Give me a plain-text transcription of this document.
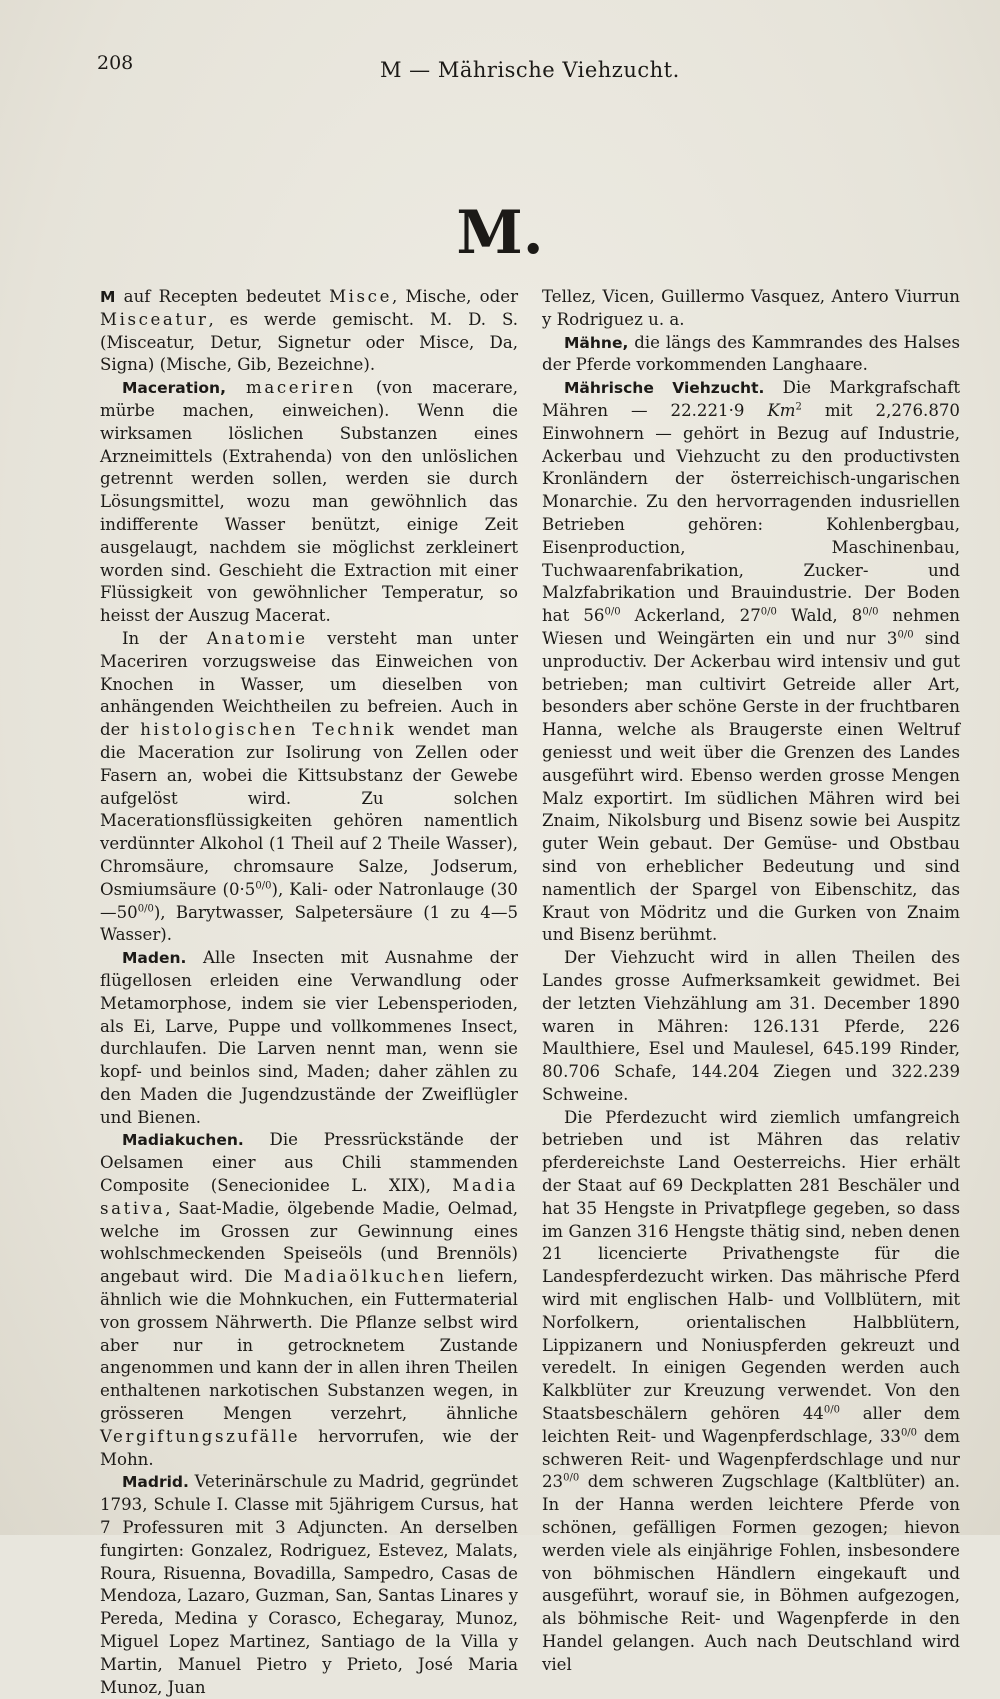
208	M — Mährische Viehzucht.
M.

M auf Recepten bedeutet Misce, Mische, oder Misceatur, es werde gemischt. M. D. S. (Misceatur, Detur, Signetur oder Misce, Da, Signa) (Mische, Gib, Bezeichne).

Maceration, maceriren (von macerare, mürbe machen, einweichen). Wenn die wirksamen löslichen Substanzen eines Arzneimittels (Extrahenda) von den unlöslichen getrennt werden sollen, werden sie durch Lösungsmittel, wozu man gewöhnlich das indifferente Wasser benützt, einige Zeit ausgelaugt, nachdem sie möglichst zerkleinert worden sind. Geschieht die Extraction mit einer Flüssigkeit von gewöhnlicher Temperatur, so heisst der Auszug Macerat.

In der Anatomie versteht man unter Maceriren vorzugsweise das Einweichen von Knochen in Wasser, um dieselben von anhängenden Weichtheilen zu befreien. Auch in der histologischen Technik wendet man die Maceration zur Isolirung von Zellen oder Fasern an, wobei die Kittsubstanz der Gewebe aufgelöst wird. Zu solchen Macerationsflüssigkeiten gehören namentlich verdünnter Alkohol (1 Theil auf 2 Theile Wasser), Chromsäure, chromsaure Salze, Jodserum, Osmiumsäure $(0\cdot 5^{0/0})$, Kali- oder Natronlauge $(30—50^{0/0})$, Barytwasser, Salpetersäure (1 zu 4—5 Wasser).

Maden. Alle Insecten mit Ausnahme der flügellosen erleiden eine Verwandlung oder Metamorphose, indem sie vier Lebensperioden, als Ei, Larve, Puppe und vollkommenes Insect, durchlaufen. Die Larven nennt man, wenn sie kopf- und beinlos sind, Maden; daher zählen zu den Maden die Jugendzustände der Zweiflügler und Bienen.

Madiakuchen. Die Pressrückstände der Oelsamen einer aus Chili stammenden Composite (Senecionideе L. XIX), Madia sativa, Saat-Madie, ölgebende Madie, Oelmad, welche im Grossen zur Gewinnung eines wohlschmeckenden Speiseöls (und Brennöls) angebaut wird. Die Madiaölkuchen liefern, ähnlich wie die Mohnkuchen, ein Futtermaterial von grossem Nährwerth. Die Pflanze selbst wird aber nur in getrocknetem Zustande angenommen und kann der in allen ihren Theilen enthaltenen narkotischen Substanzen wegen, in grösseren Mengen verzehrt, ähnliche Vergiftungszufälle hervorrufen, wie der Mohn.

Madrid. Veterinärschule zu Madrid, gegründet 1793, Schule I. Classe mit 5jährigem Cursus, hat 7 Professuren mit 3 Adjuncten. An derselben fungirten: Gonzalez, Rodriguez, Estevez, Malats, Roura, Risuenna, Bovadilla, Sampedro, Casas de Mendoza, Lazaro, Guzman, San, Santas Linares y Pereda, Medina y Corasco, Echegaray, Munoz, Miguel Lopez Martinez, Santiago de la Villa y Martin, Manuel Pietro y Prieto, José Maria Munoz, Juan

Tellez, Vicen, Guillermo Vasquez, Antero Viurrun y Rodriguez u. a.

Mähne, die längs des Kammrandes des Halses der Pferde vorkommenden Langhaare.

Mährische Viehzucht. Die Markgrafschaft Mähren — 22.221·9 Km$^2$ mit 2,276.870 Einwohnern — gehört in Bezug auf Industrie, Ackerbau und Viehzucht zu den productivsten Kronländern der österreichisch-ungarischen Monarchie. Zu den hervorragenden indusriellen Betrieben gehören: Kohlenbergbau, Eisenproduction, Maschinenbau, Tuchwaarenfabrikation, Zucker- und Malzfabrikation und Brauindustrie. Der Boden hat $56^{0/0}$ Ackerland, $27^{0/0}$ Wald, $8^{0/0}$ nehmen Wiesen und Weingärten ein und nur $3^{0/0}$ sind unproductiv. Der Ackerbau wird intensiv und gut betrieben; man cultivirt Getreide aller Art, besonders aber schöne Gerste in der fruchtbaren Hanna, welche als Braugerste einen Weltruf geniesst und weit über die Grenzen des Landes ausgeführt wird. Ebenso werden grosse Mengen Malz exportirt. Im südlichen Mähren wird bei Znaim, Nikolsburg und Bisenz sowie bei Auspitz guter Wein gebaut. Der Gemüse- und Obstbau sind von erheblicher Bedeutung und sind namentlich der Spargel von Eibenschitz, das Kraut von Mödritz und die Gurken von Znaim und Bisenz berühmt.

Der Viehzucht wird in allen Theilen des Landes grosse Aufmerksamkeit gewidmet. Bei der letzten Viehzählung am 31. December 1890 waren in Mähren: 126.131 Pferde, 226 Maulthiere, Esel und Maulesel, 645.199 Rinder, 80.706 Schafe, 144.204 Ziegen und 322.239 Schweine.

Die Pferdezucht wird ziemlich umfangreich betrieben und ist Mähren das relativ pferdereichste Land Oesterreichs. Hier erhält der Staat auf 69 Deckplatten 281 Beschäler und hat 35 Hengste in Privatpflege gegeben, so dass im Ganzen 316 Hengste thätig sind, neben denen 21 licencierte Privathengste für die Landespferdezucht wirken. Das mährische Pferd wird mit englischen Halb- und Vollblütern, mit Norfolkern, orientalischen Halbblütern, Lippizanern und Noniuspferden gekreuzt und veredelt. In einigen Gegenden werden auch Kalkblüter zur Kreuzung verwendet. Von den Staatsbeschälern gehören $44^{0/0}$ aller dem leichten Reit- und Wagenpferdschlage, $33^{0/0}$ dem schweren Reit- und Wagenpferdschlage und nur $23^{0/0}$ dem schweren Zugschlage (Kaltblüter) an. In der Hanna werden leichtere Pferde von schönen, gefälligen Formen gezogen; hievon werden viele als einjährige Fohlen, insbesondere von böhmischen Händlern eingekauft und ausgeführt, worauf sie, in Böhmen aufgezogen, als böhmische Reit- und Wagenpferde in den Handel gelangen. Auch nach Deutschland wird viel
